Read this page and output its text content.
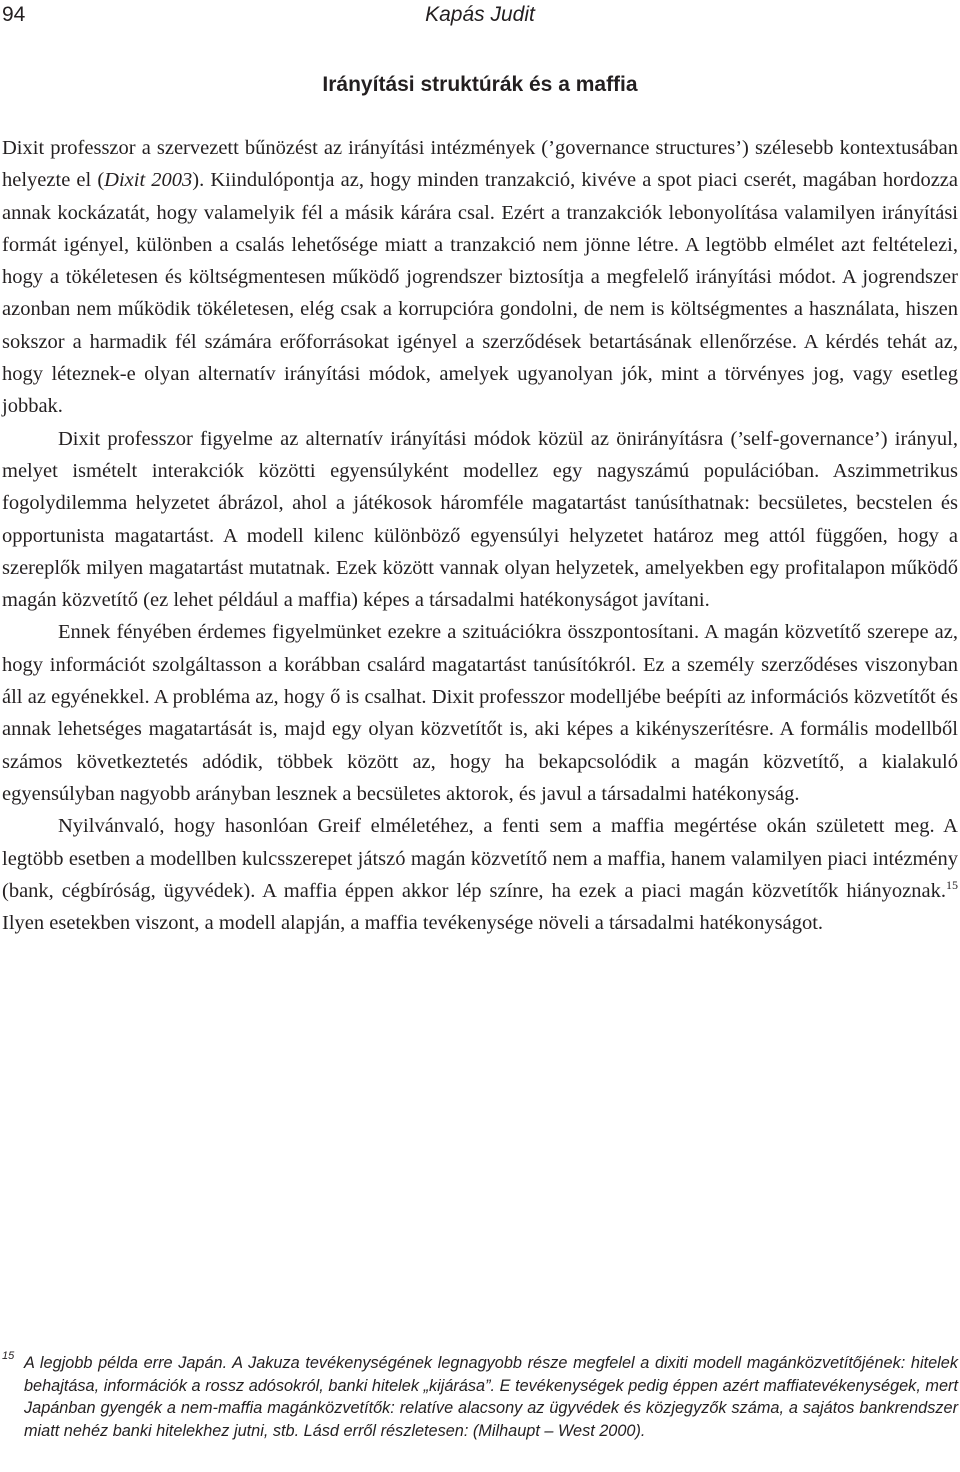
94	Kapás Judit
Irányítási struktúrák és a maffia

Dixit professzor a szervezett bűnözést az irányítási intézmények (’governance structures’) szélesebb kontextusában helyezte el (Dixit 2003). Kiindulópontja az, hogy minden tranzakció, kivéve a spot piaci cserét, magában hordozza annak kockázatát, hogy valamelyik fél a másik kárára csal. Ezért a tranzakciók lebonyolítása valamilyen irányítási formát igényel, különben a csalás lehetősége miatt a tranzakció nem jönne létre. A legtöbb elmélet azt feltételezi, hogy a tökéletesen és költségmentesen működő jogrendszer biztosítja a megfelelő irányítási módot. A jogrendszer azonban nem működik tökéletesen, elég csak a korrupcióra gondolni, de nem is költségmentes a használata, hiszen sokszor a harmadik fél számára erőforrásokat igényel a szerződések betartásának ellenőrzése. A kérdés tehát az, hogy léteznek-e olyan alternatív irányítási módok, amelyek ugyanolyan jók, mint a törvényes jog, vagy esetleg jobbak.

Dixit professzor figyelme az alternatív irányítási módok közül az önirányításra (’self-governance’) irányul, melyet ismételt interakciók közötti egyensúlyként modellez egy nagyszámú populációban. Aszimmetrikus fogolydilemma helyzetet ábrázol, ahol a játékosok háromféle magatartást tanúsíthatnak: becsületes, becstelen és opportunista magatartást. A modell kilenc különböző egyensúlyi helyzetet határoz meg attól függően, hogy a szereplők milyen magatartást mutatnak. Ezek között vannak olyan helyzetek, amelyekben egy profitalapon működő magán közvetítő (ez lehet például a maffia) képes a társadalmi hatékonyságot javítani.

Ennek fényében érdemes figyelmünket ezekre a szituációkra összpontosítani. A magán közvetítő szerepe az, hogy információt szolgáltasson a korábban csalárd magatartást tanúsítókról. Ez a személy szerződéses viszonyban áll az egyénekkel. A probléma az, hogy ő is csalhat. Dixit professzor modelljébe beépíti az információs közvetítőt és annak lehetséges magatartását is, majd egy olyan közvetítőt is, aki képes a kikényszerítésre. A formális modellből számos következtetés adódik, többek között az, hogy ha bekapcsolódik a magán közvetítő, a kialakuló egyensúlyban nagyobb arányban lesznek a becsületes aktorok, és javul a társadalmi hatékonyság.

Nyilvánvaló, hogy hasonlóan Greif elméletéhez, a fenti sem a maffia megértése okán született meg. A legtöbb esetben a modellben kulcsszerepet játszó magán közvetítő nem a maffia, hanem valamilyen piaci intézmény (bank, cégbíróság, ügyvédek). A maffia éppen akkor lép színre, ha ezek a piaci magán közvetítők hiányoznak.$^{15}$ Ilyen esetekben viszont, a modell alapján, a maffia tevékenysége növeli a társadalmi hatékonyságot.

15 A legjobb példa erre Japán. A Jakuza tevékenységének legnagyobb része megfelel a dixiti modell magánközvetítőjének: hitelek behajtása, információk a rossz adósokról, banki hitelek „kijárása”. E tevékenységek pedig éppen azért maffiatevékenységek, mert Japánban gyengék a nem-maffia magánközvetítők: relatíve alacsony az ügyvédek és közjegyzők száma, a sajátos bankrendszer miatt nehéz banki hitelekhez jutni, stb. Lásd erről részletesen: (Milhaupt – West 2000).
